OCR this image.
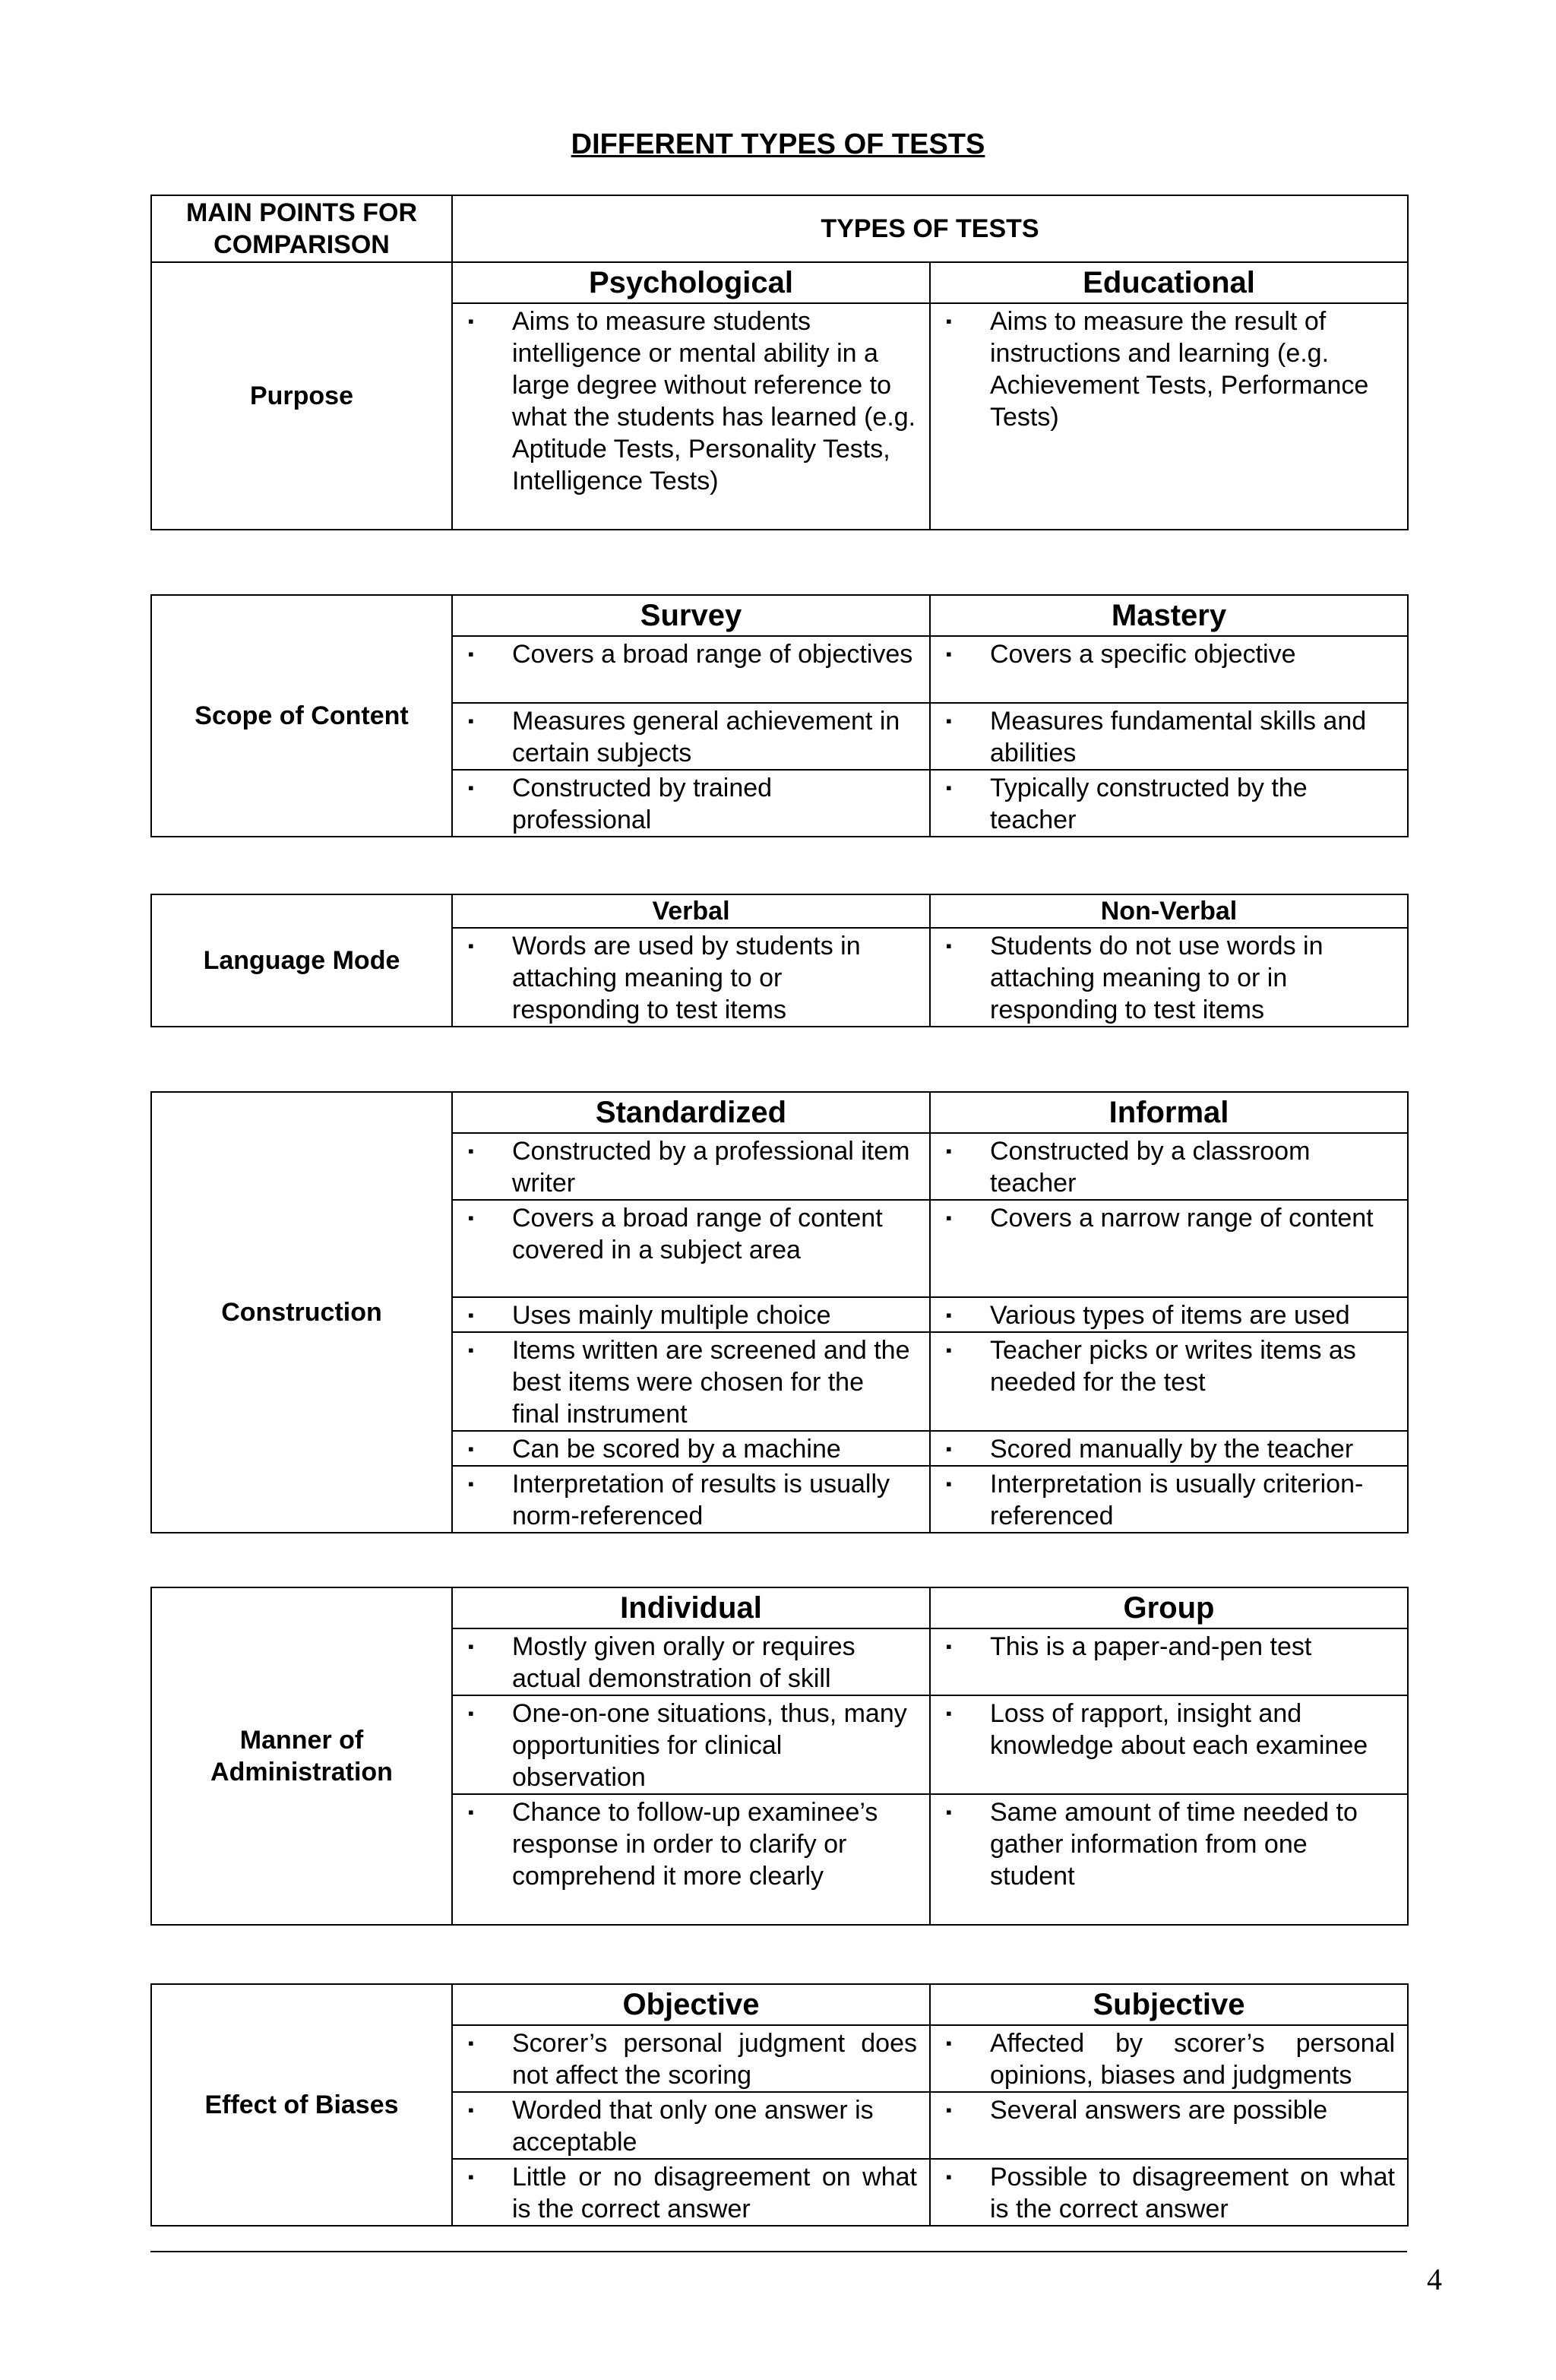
DIFFERENT TYPES OF TESTS
MAIN POINTS FOR COMPARISON	TYPES OF TESTS	
Purpose	Psychological	Educational

	▪ Aims to measure students intelligence or mental ability in a large degree without reference to what the students has learned (e.g. Aptitude Tests, Personality Tests, Intelligence Tests)	▪ Aims to measure the result of instructions and learning (e.g. Achievement Tests, Performance Tests)
Scope of Content	Survey	Mastery

	▪ Covers a broad range of objectives	▪ Covers a specific objective

	▪ Measures general achievement in certain subjects	▪ Measures fundamental skills and abilities

	▪ Constructed by trained professional	▪ Typically constructed by the teacher
Language Mode	Verbal	Non-Verbal

	▪ Words are used by students in attaching meaning to or responding to test items	▪ Students do not use words in attaching meaning to or in responding to test items
Construction	Standardized	Informal

	▪ Constructed by a professional item writer	▪ Constructed by a classroom teacher

	▪ Covers a broad range of content covered in a subject area	▪ Covers a narrow range of content

	▪ Uses mainly multiple choice	▪ Various types of items are used

	▪ Items written are screened and the best items were chosen for the final instrument	▪ Teacher picks or writes items as needed for the test

	▪ Can be scored by a machine	▪ Scored manually by the teacher

	▪ Interpretation of results is usually norm-referenced	▪ Interpretation is usually criterion-referenced
Manner of Administration	Individual	Group

	▪ Mostly given orally or requires actual demonstration of skill	▪ This is a paper-and-pen test

	▪ One-on-one situations, thus, many opportunities for clinical observation	▪ Loss of rapport, insight and knowledge about each examinee

	▪ Chance to follow-up examinee’s response in order to clarify or comprehend it more clearly	▪ Same amount of time needed to gather information from one student
Effect of Biases	Objective	Subjective

	▪ Scorer’s personal judgment does not affect the scoring	▪ Affected by scorer’s personal opinions, biases and judgments

	▪ Worded that only one answer is acceptable	▪ Several answers are possible

	▪ Little or no disagreement on what is the correct answer	▪ Possible to disagreement on what is the correct answer
4
